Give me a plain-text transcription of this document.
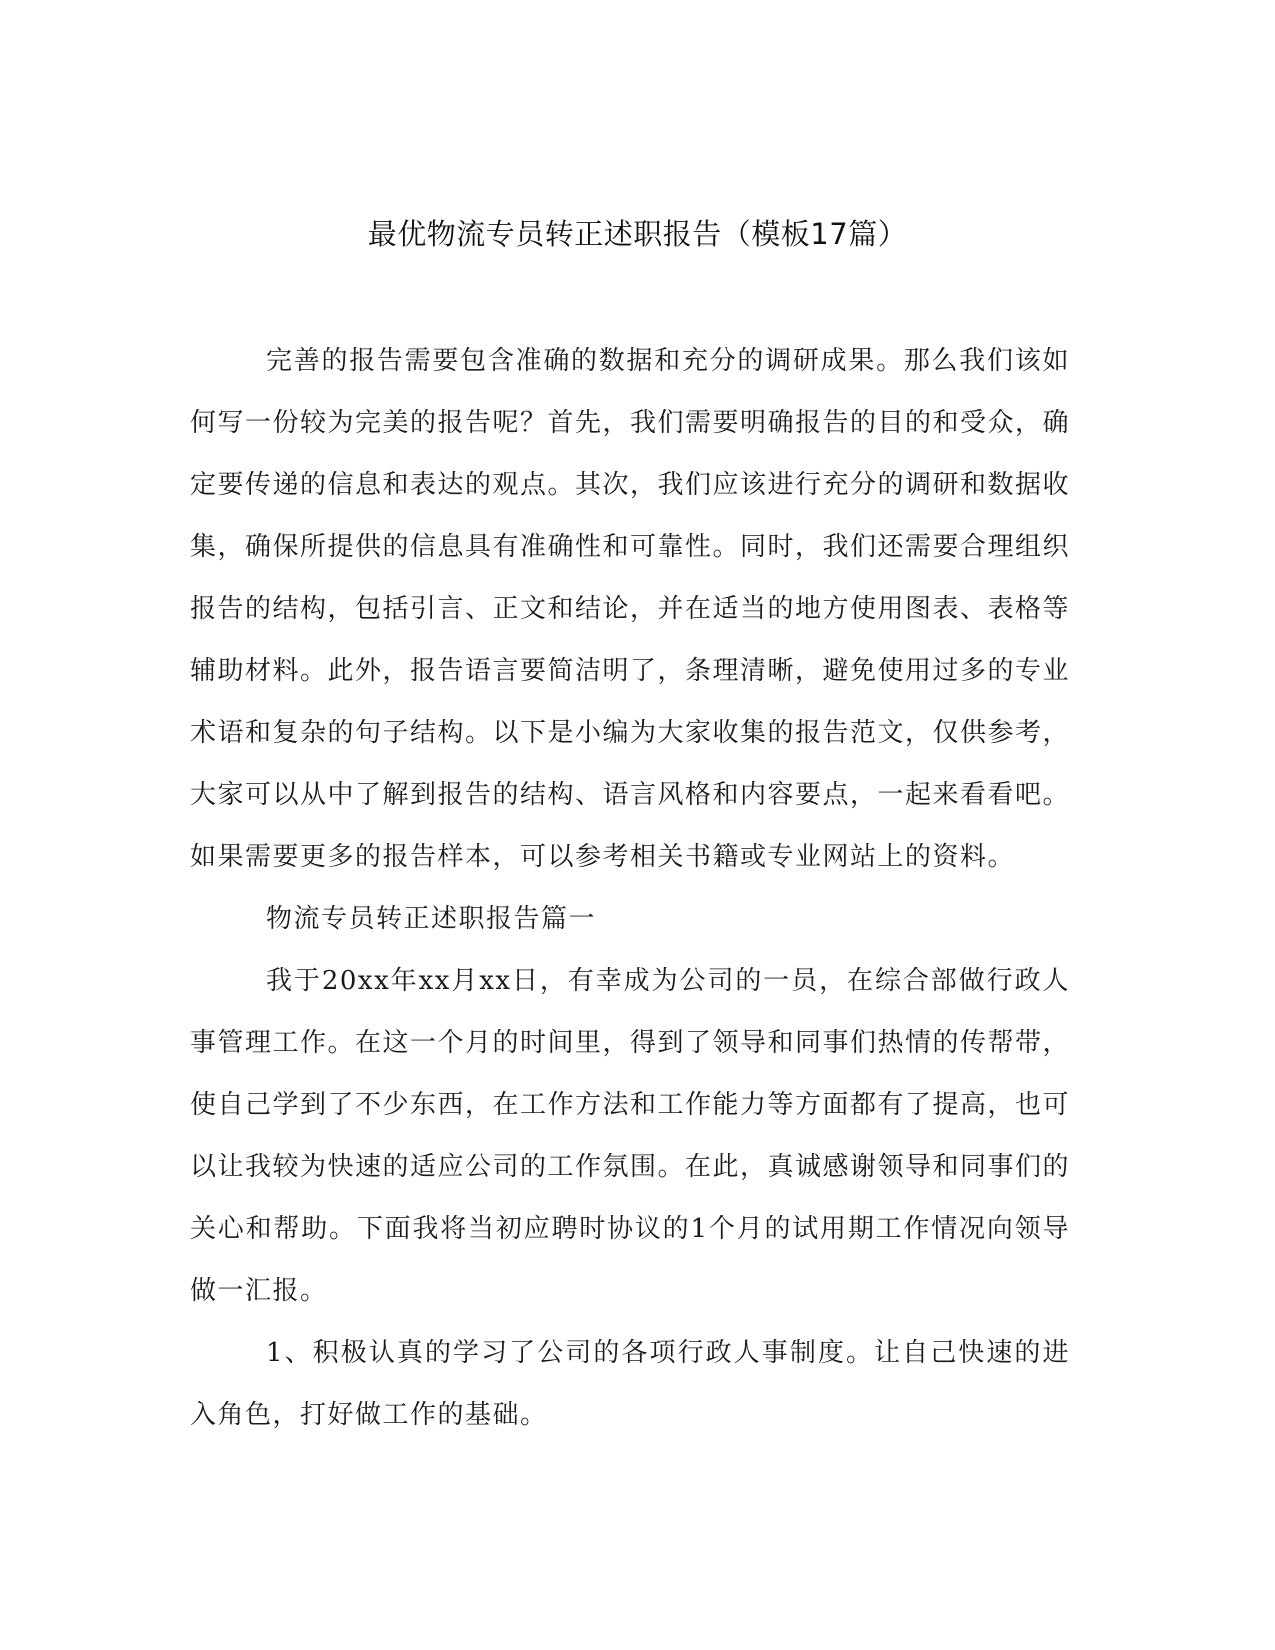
最优物流专员转正述职报告（模板17篇）

完善的报告需要包含准确的数据和充分的调研成果。那么我们该如何写一份较为完美的报告呢？首先，我们需要明确报告的目的和受众，确定要传递的信息和表达的观点。其次，我们应该进行充分的调研和数据收集，确保所提供的信息具有准确性和可靠性。同时，我们还需要合理组织报告的结构，包括引言、正文和结论，并在适当的地方使用图表、表格等辅助材料。此外，报告语言要简洁明了，条理清晰，避免使用过多的专业术语和复杂的句子结构。以下是小编为大家收集的报告范文，仅供参考，大家可以从中了解到报告的结构、语言风格和内容要点，一起来看看吧。如果需要更多的报告样本，可以参考相关书籍或专业网站上的资料。

物流专员转正述职报告篇一

我于20xx年xx月xx日，有幸成为公司的一员，在综合部做行政人事管理工作。在这一个月的时间里，得到了领导和同事们热情的传帮带，使自己学到了不少东西，在工作方法和工作能力等方面都有了提高，也可以让我较为快速的适应公司的工作氛围。在此，真诚感谢领导和同事们的关心和帮助。下面我将当初应聘时协议的1个月的试用期工作情况向领导做一汇报。

1、积极认真的学习了公司的各项行政人事制度。让自己快速的进入角色，打好做工作的基础。
